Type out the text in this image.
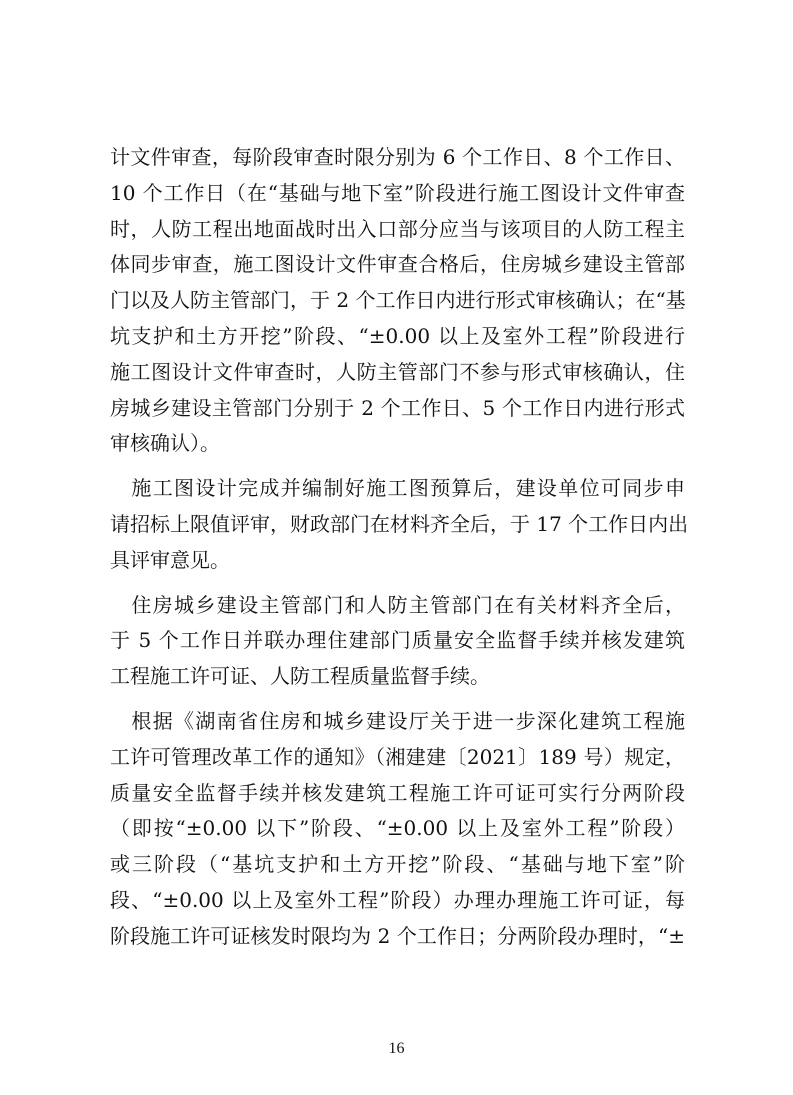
计文件审查，每阶段审查时限分别为 6 个工作日、8 个工作日、
10 个工作日（在“基础与地下室”阶段进行施工图设计文件审查
时，人防工程出地面战时出入口部分应当与该项目的人防工程主
体同步审查，施工图设计文件审查合格后，住房城乡建设主管部
门以及人防主管部门，于 2 个工作日内进行形式审核确认；在“基
坑支护和土方开挖”阶段、“±0.00 以上及室外工程”阶段进行
施工图设计文件审查时，人防主管部门不参与形式审核确认，住
房城乡建设主管部门分别于 2 个工作日、5 个工作日内进行形式
审核确认）。
　施工图设计完成并编制好施工图预算后，建设单位可同步申
请招标上限值评审，财政部门在材料齐全后，于 17 个工作日内出
具评审意见。
　住房城乡建设主管部门和人防主管部门在有关材料齐全后，
于 5 个工作日并联办理住建部门质量安全监督手续并核发建筑
工程施工许可证、人防工程质量监督手续。
　根据《湖南省住房和城乡建设厅关于进一步深化建筑工程施
工许可管理改革工作的通知》（湘建建〔2021〕189 号）规定，
质量安全监督手续并核发建筑工程施工许可证可实行分两阶段
（即按“±0.00 以下”阶段、“±0.00 以上及室外工程”阶段）
或三阶段（“基坑支护和土方开挖”阶段、“基础与地下室”阶
段、“±0.00 以上及室外工程”阶段）办理办理施工许可证，每
阶段施工许可证核发时限均为 2 个工作日；分两阶段办理时，“±
16
